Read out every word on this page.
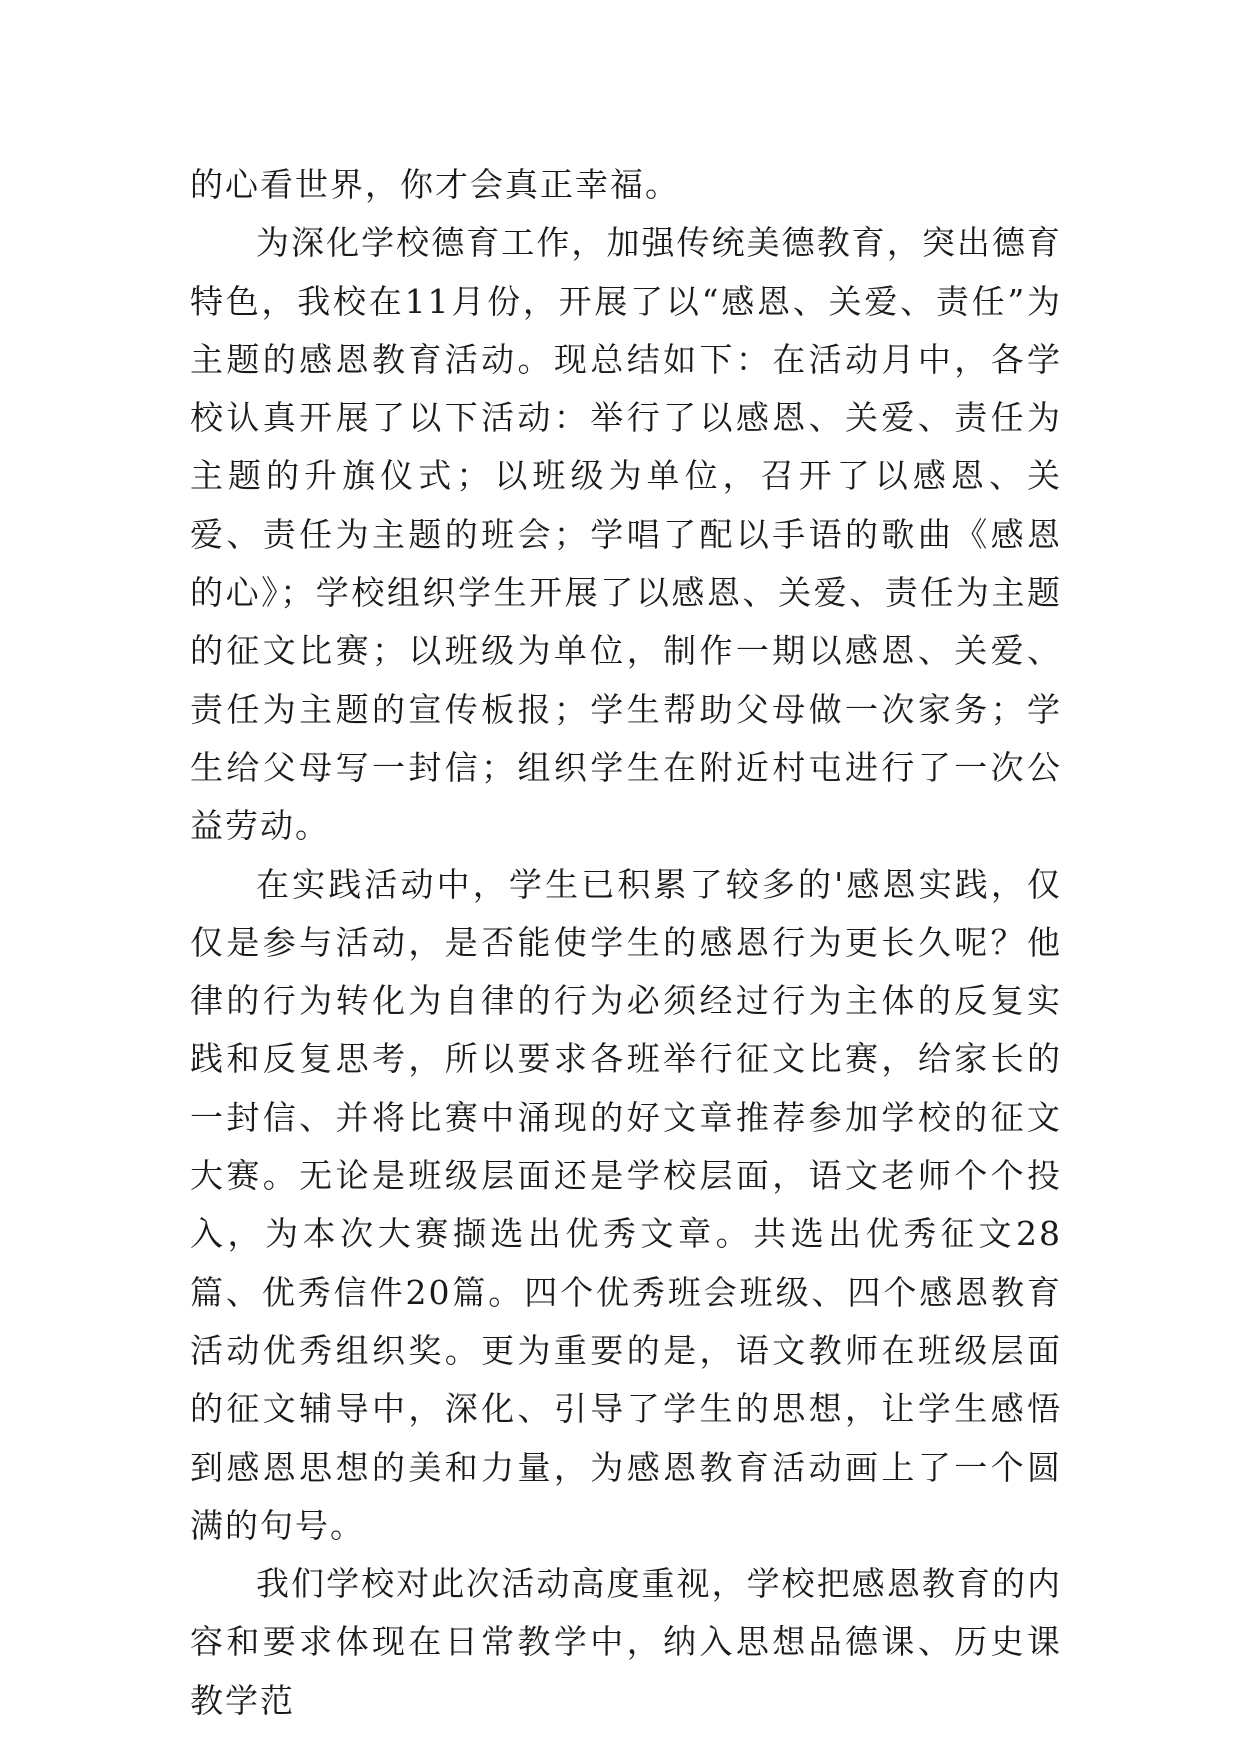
的心看世界，你才会真正幸福。

为深化学校德育工作，加强传统美德教育，突出德育特色，我校在11月份，开展了以“感恩、关爱、责任”为主题的感恩教育活动。现总结如下：在活动月中，各学校认真开展了以下活动：举行了以感恩、关爱、责任为主题的升旗仪式；以班级为单位，召开了以感恩、关爱、责任为主题的班会；学唱了配以手语的歌曲《感恩的心》；学校组织学生开展了以感恩、关爱、责任为主题的征文比赛；以班级为单位，制作一期以感恩、关爱、责任为主题的宣传板报；学生帮助父母做一次家务；学生给父母写一封信；组织学生在附近村屯进行了一次公益劳动。

在实践活动中，学生已积累了较多的'感恩实践，仅仅是参与活动，是否能使学生的感恩行为更长久呢？他律的行为转化为自律的行为必须经过行为主体的反复实践和反复思考，所以要求各班举行征文比赛，给家长的一封信、并将比赛中涌现的好文章推荐参加学校的征文大赛。无论是班级层面还是学校层面，语文老师个个投入，为本次大赛撷选出优秀文章。共选出优秀征文28篇、优秀信件20篇。四个优秀班会班级、四个感恩教育活动优秀组织奖。更为重要的是，语文教师在班级层面的征文辅导中，深化、引导了学生的思想，让学生感悟到感恩思想的美和力量，为感恩教育活动画上了一个圆满的句号。

我们学校对此次活动高度重视，学校把感恩教育的内容和要求体现在日常教学中，纳入思想品德课、历史课教学范
